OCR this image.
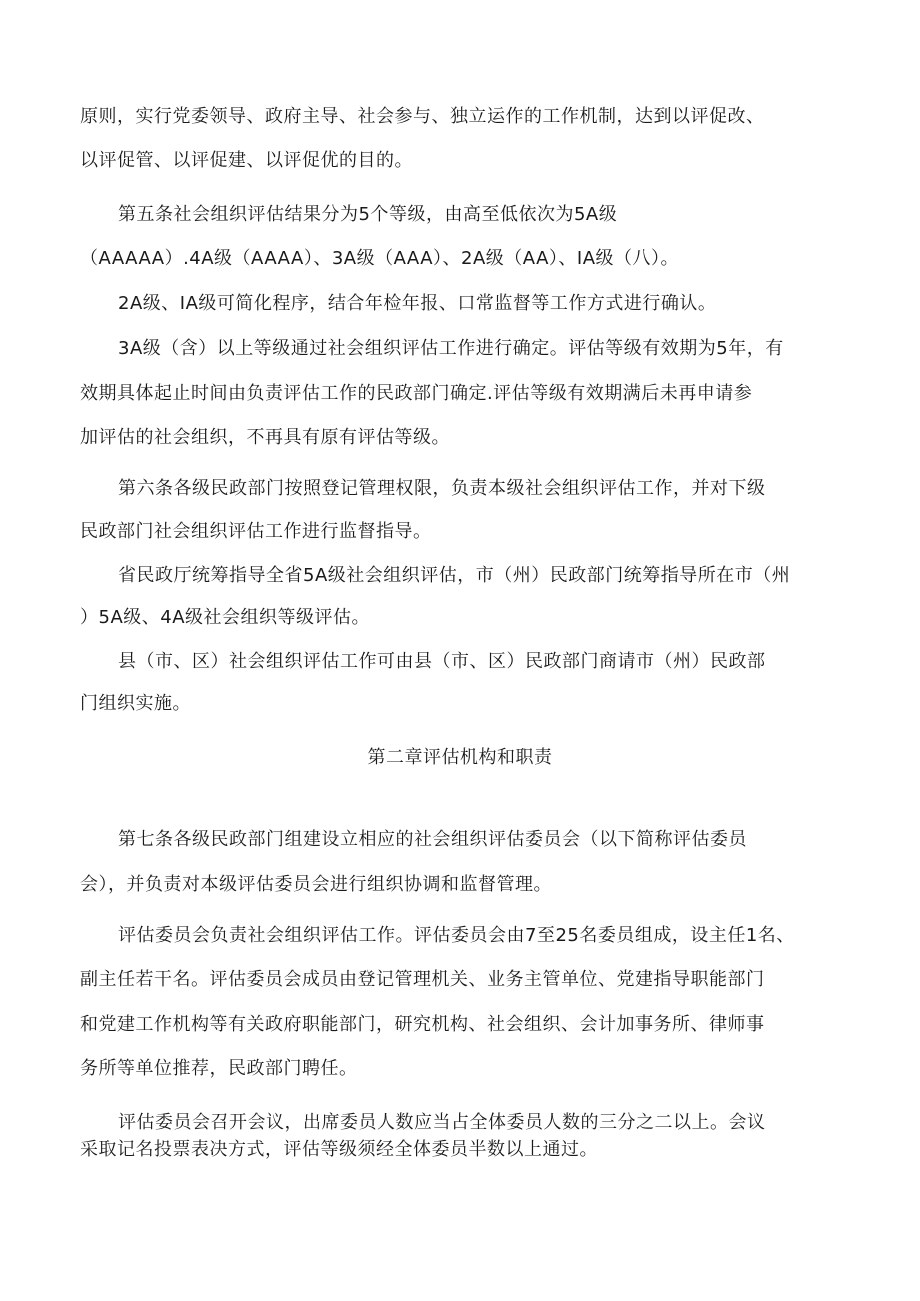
原则，实行党委领导、政府主导、社会参与、独立运作的工作机制，达到以评促改、

以评促管、以评促建、以评促优的目的。

第五条社会组织评估结果分为5个等级，由高至低依次为5A级

（AAAAA）.4A级（AAAA）、3A级（AAA）、2A级（AA）、IA级（八）。

2A级、IA级可简化程序，结合年检年报、口常监督等工作方式进行确认。

3A级（含）以上等级通过社会组织评估工作进行确定。评估等级有效期为5年，有

效期具体起止时间由负责评估工作的民政部门确定.评估等级有效期满后未再申请参

加评估的社会组织，不再具有原有评估等级。

第六条各级民政部门按照登记管理权限，负责本级社会组织评估工作，并对下级

民政部门社会组织评估工作进行监督指导。

省民政厅统筹指导全省5A级社会组织评估，市（州）民政部门统筹指导所在市（州

）5A级、4A级社会组织等级评估。

县（市、区）社会组织评估工作可由县（市、区）民政部门商请市（州）民政部

门组织实施。

第二章评估机构和职责

第七条各级民政部门组建设立相应的社会组织评估委员会（以下简称评估委员

会），并负责对本级评估委员会进行组织协调和监督管理。

评估委员会负责社会组织评估工作。评估委员会由7至25名委员组成，设主任1名、

副主任若干名。评估委员会成员由登记管理机关、业务主管单位、党建指导职能部门

和党建工作机构等有关政府职能部门，研究机构、社会组织、会计加事务所、律师事

务所等单位推荐，民政部门聘任。

评估委员会召开会议，出席委员人数应当占全体委员人数的三分之二以上。会议

采取记名投票表决方式，评估等级须经全体委员半数以上通过。
